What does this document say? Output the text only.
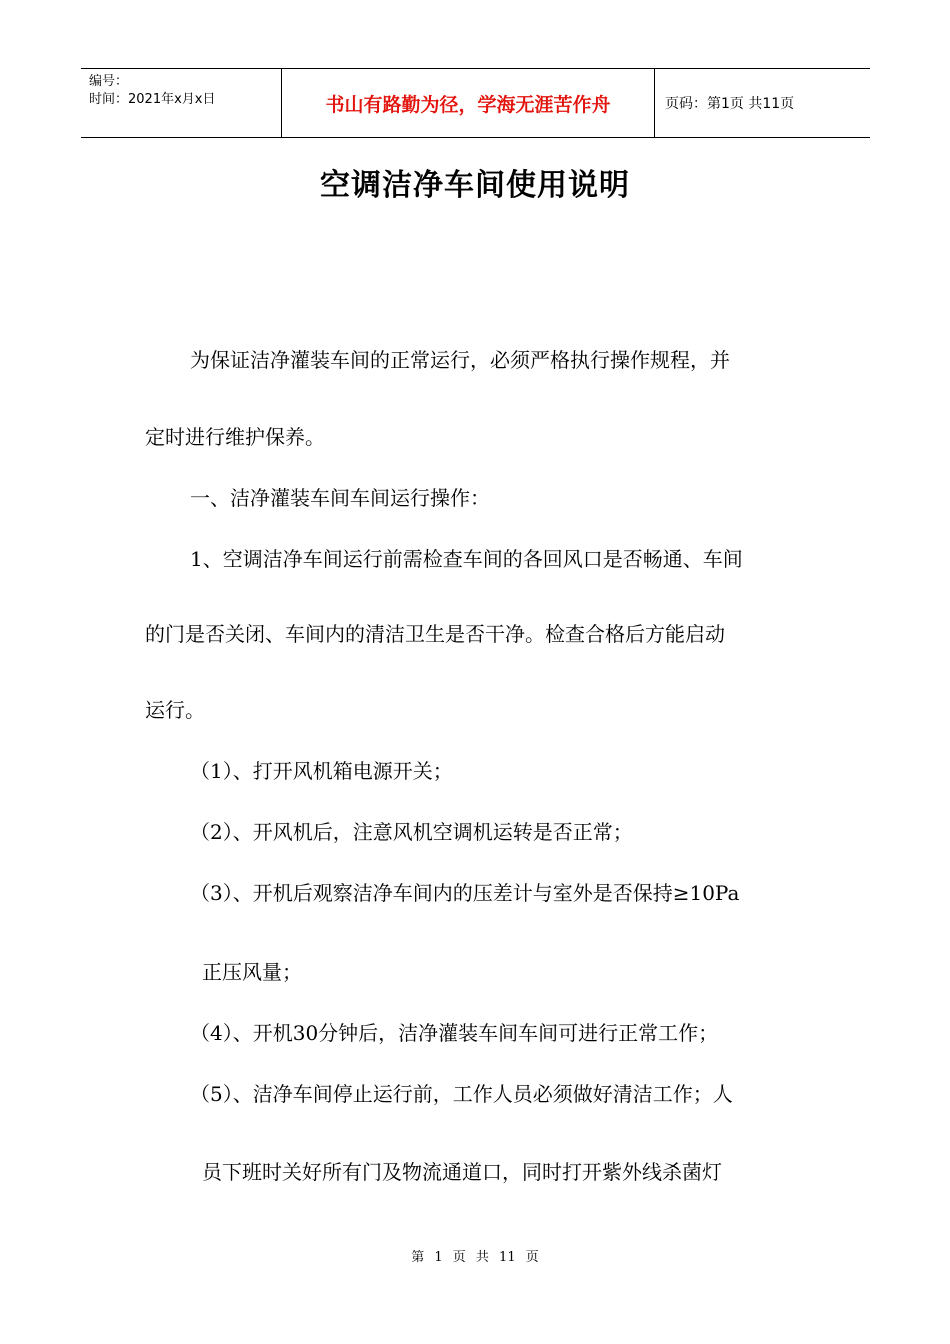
编号：
时间：2021年x月x日	书山有路勤为径，学海无涯苦作舟	页码：第1页 共11页
空调洁净车间使用说明
为保证洁净灌装车间的正常运行，必须严格执行操作规程，并
定时进行维护保养。
一、洁净灌装车间车间运行操作：
1、空调洁净车间运行前需检查车间的各回风口是否畅通、车间
的门是否关闭、车间内的清洁卫生是否干净。检查合格后方能启动
运行。
（1）、打开风机箱电源开关；
（2）、开风机后，注意风机空调机运转是否正常；
（3）、开机后观察洁净车间内的压差计与室外是否保持≥10Pa
正压风量；
（4）、开机30分钟后，洁净灌装车间车间可进行正常工作；
（5）、洁净车间停止运行前，工作人员必须做好清洁工作；人
员下班时关好所有门及物流通道口，同时打开紫外线杀菌灯
第 1 页 共 11 页
